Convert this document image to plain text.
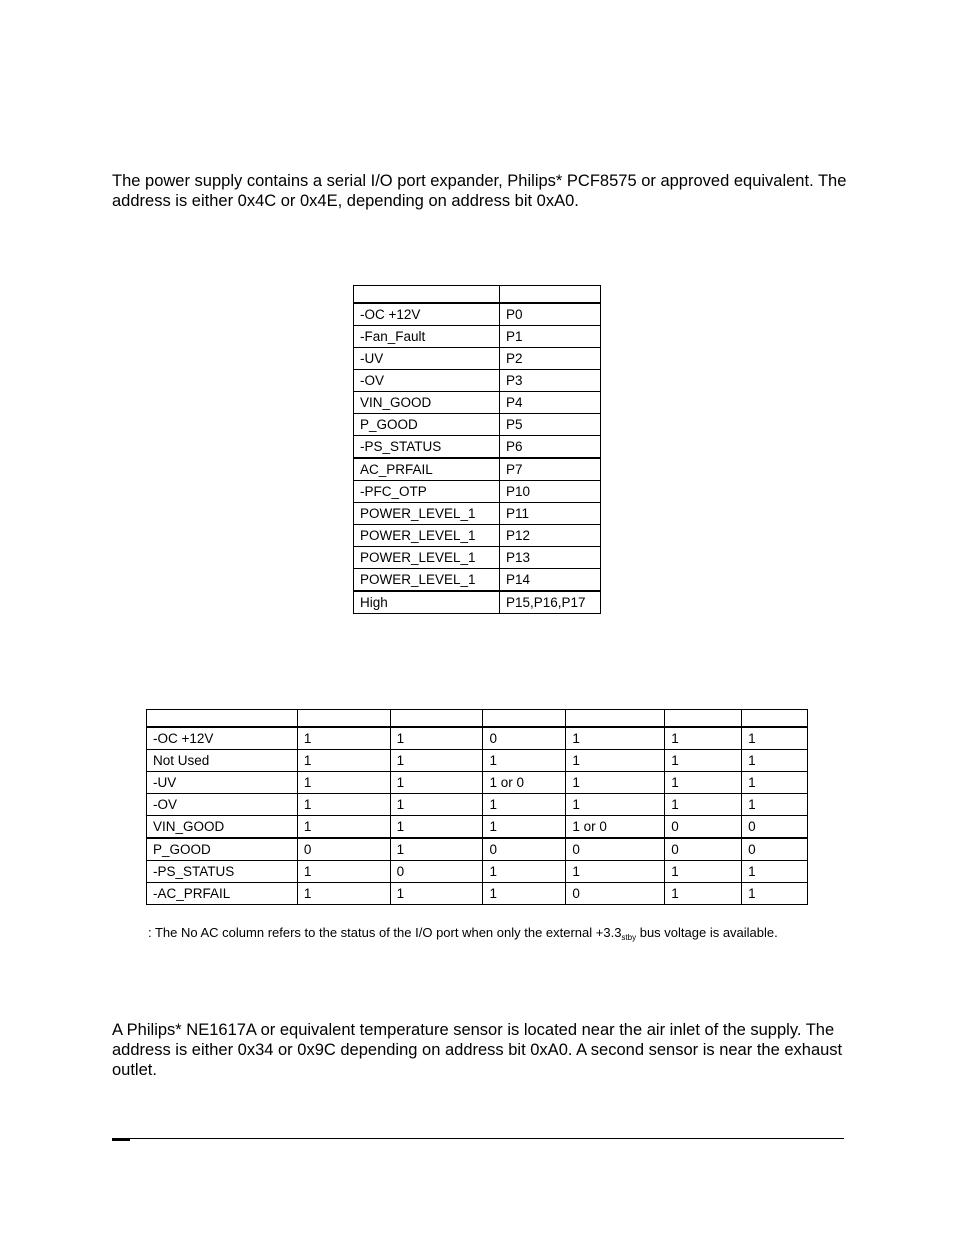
The power supply contains a serial I/O port expander, Philips* PCF8575 or approved equivalent. The address is either 0x4C or 0x4E, depending on address bit 0xA0.

-OC +12V	P0
-Fan_Fault	P1
-UV	P2
-OV	P3
VIN_GOOD	P4
P_GOOD	P5
-PS_STATUS	P6
AC_PRFAIL	P7
-PFC_OTP	P10
POWER_LEVEL_1	P11
POWER_LEVEL_1	P12
POWER_LEVEL_1	P13
POWER_LEVEL_1	P14
High	P15,P16,P17

-OC +12V	1	1	0	1	1	1
Not Used	1	1	1	1	1	1
-UV	1	1	1 or 0	1	1	1
-OV	1	1	1	1	1	1
VIN_GOOD	1	1	1	1 or 0	0	0
P_GOOD	0	1	0	0	0	0
-PS_STATUS	1	0	1	1	1	1
-AC_PRFAIL	1	1	1	0	1	1

: The No AC column refers to the status of the I/O port when only the external $+3.3_{stby}$ bus voltage is available.

A Philips* NE1617A or equivalent temperature sensor is located near the air inlet of the supply. The address is either 0x34 or 0x9C depending on address bit 0xA0. A second sensor is near the exhaust outlet.
